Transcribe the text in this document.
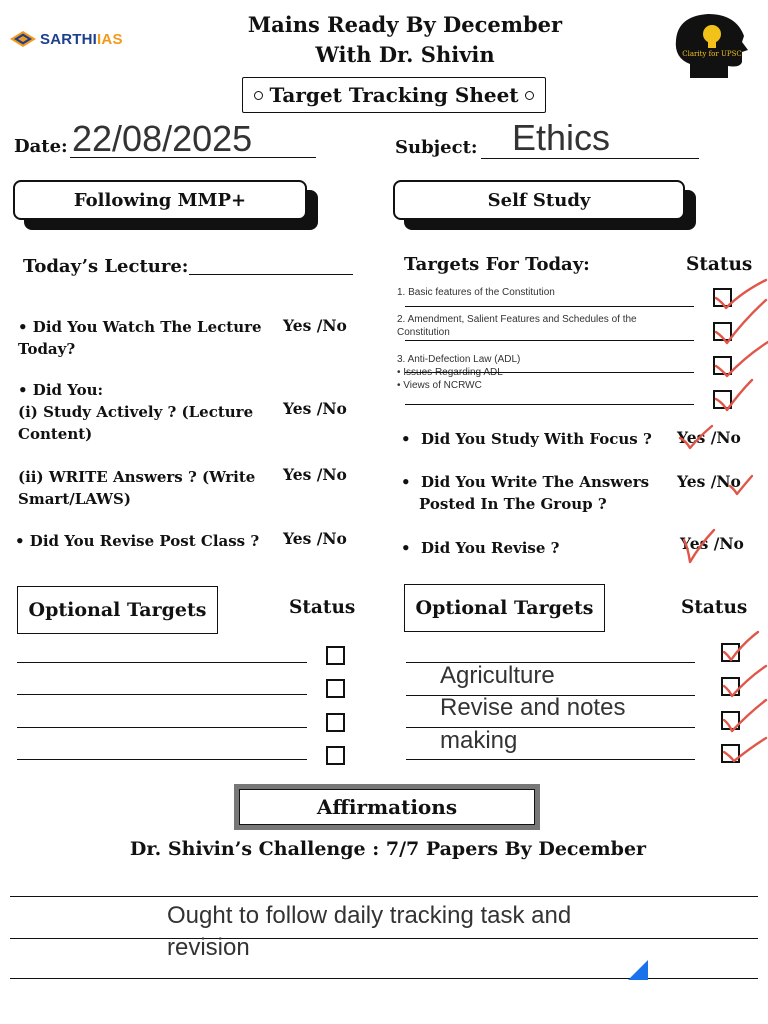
SARTHIIAS
Mains Ready By December
With Dr. Shivin	Clarity for UPSC
Target Tracking Sheet
Date: 22/08/2025	Subject: Ethics
Following MMP+	Self Study
Today’s Lecture:
• Did You Watch The Lecture
Today?
Yes /No
• Did You:
(i) Study Actively ? (Lecture
Content)
Yes /No
(ii) WRITE Answers ? (Write
Smart/LAWS)
Yes /No
• Did You Revise Post Class ?	Yes /No
Optional Targets	Status
Targets For Today:	Status
1. Basic features of the Constitution
2. Amendment, Salient Features and Schedules of the
Constitution
3. Anti-Defection Law (ADL)
• Issues Regarding ADL
• Views of NCRWC
• Did You Study With Focus ? Yes /No
• Did You Write The Answers
Posted In The Group ?
Yes /No
• Did You Revise ?	Yes /No
Optional Targets	Status
Agriculture
Revise and notes
making
Affirmations
Dr. Shivin’s Challenge : 7/7 Papers By December
Ought to follow daily tracking task and
revision
